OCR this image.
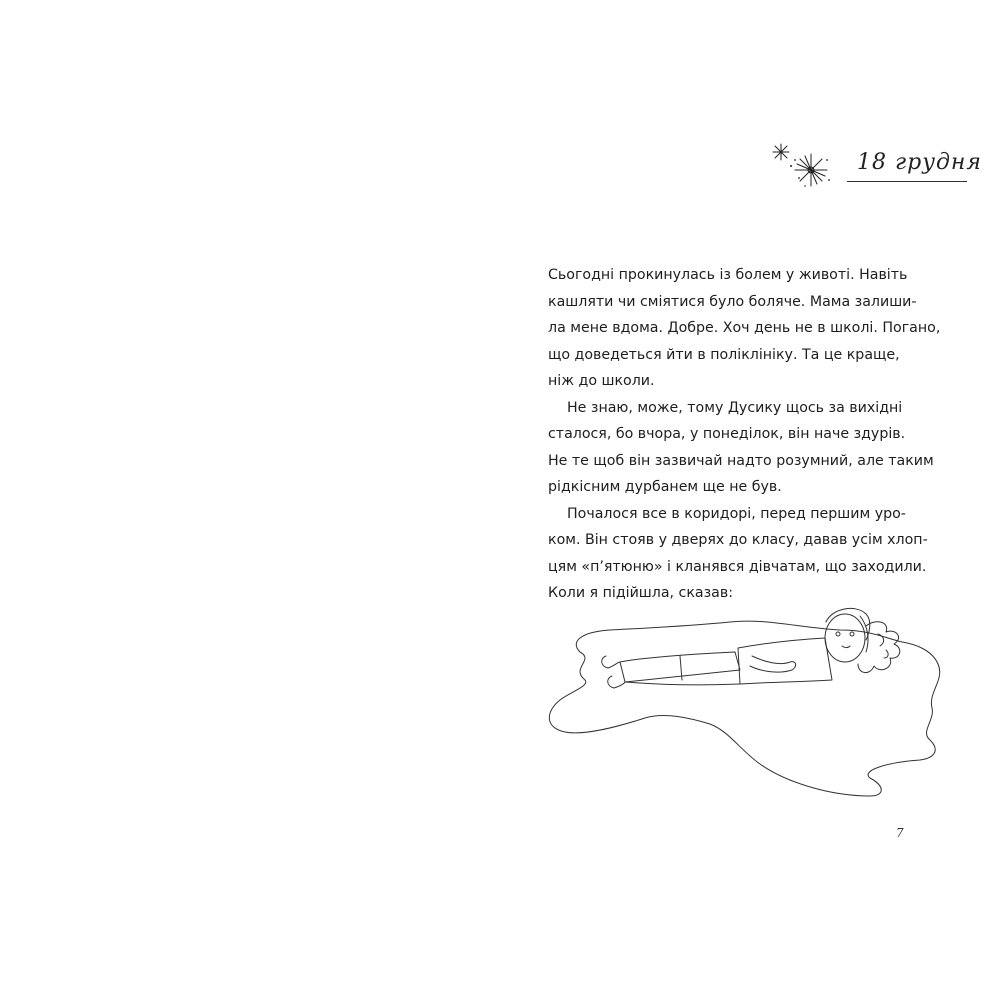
18 грудня
Сьогодні прокинулась із болем у животі. Навіть
кашляти чи сміятися було боляче. Мама залиши-
ла мене вдома. Добре. Хоч день не в школі. Погано,
що доведеться йти в поліклініку. Та це краще,
ніж до школи.
Не знаю, може, тому Дусику щось за вихідні
сталося, бо вчора, у понеділок, він наче здурів.
Не те щоб він зазвичай надто розумний, але таким
рідкісним дурбанем ще не був.
Почалося все в коридорі, перед першим уро-
ком. Він стояв у дверях до класу, давав усім хлоп-
цям «п’ятюню» і кланявся дівчатам, що заходили.
Коли я підійшла, сказав:
7
